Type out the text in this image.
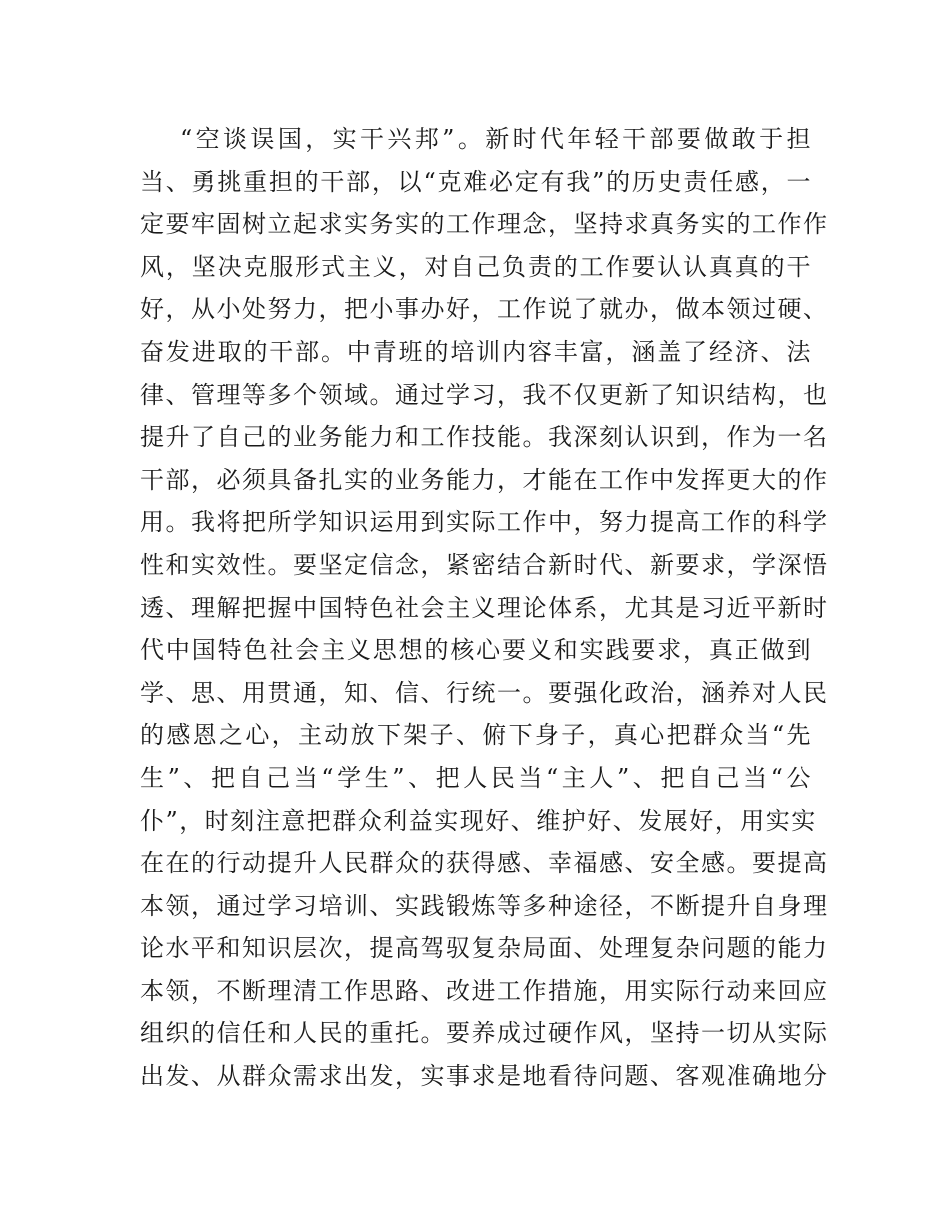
“空谈误国，实干兴邦”。新时代年轻干部要做敢于担
当、勇挑重担的干部，以“克难必定有我”的历史责任感，一
定要牢固树立起求实务实的工作理念，坚持求真务实的工作作
风，坚决克服形式主义，对自己负责的工作要认认真真的干
好，从小处努力，把小事办好，工作说了就办，做本领过硬、
奋发进取的干部。中青班的培训内容丰富，涵盖了经济、法
律、管理等多个领域。通过学习，我不仅更新了知识结构，也
提升了自己的业务能力和工作技能。我深刻认识到，作为一名
干部，必须具备扎实的业务能力，才能在工作中发挥更大的作
用。我将把所学知识运用到实际工作中，努力提高工作的科学
性和实效性。要坚定信念，紧密结合新时代、新要求，学深悟
透、理解把握中国特色社会主义理论体系，尤其是习近平新时
代中国特色社会主义思想的核心要义和实践要求，真正做到
学、思、用贯通，知、信、行统一。要强化政治，涵养对人民
的感恩之心，主动放下架子、俯下身子，真心把群众当“先
生”、把自己当“学生”、把人民当“主人”、把自己当“公
仆”，时刻注意把群众利益实现好、维护好、发展好，用实实
在在的行动提升人民群众的获得感、幸福感、安全感。要提高
本领，通过学习培训、实践锻炼等多种途径，不断提升自身理
论水平和知识层次，提高驾驭复杂局面、处理复杂问题的能力
本领，不断理清工作思路、改进工作措施，用实际行动来回应
组织的信任和人民的重托。要养成过硬作风，坚持一切从实际
出发、从群众需求出发，实事求是地看待问题、客观准确地分
